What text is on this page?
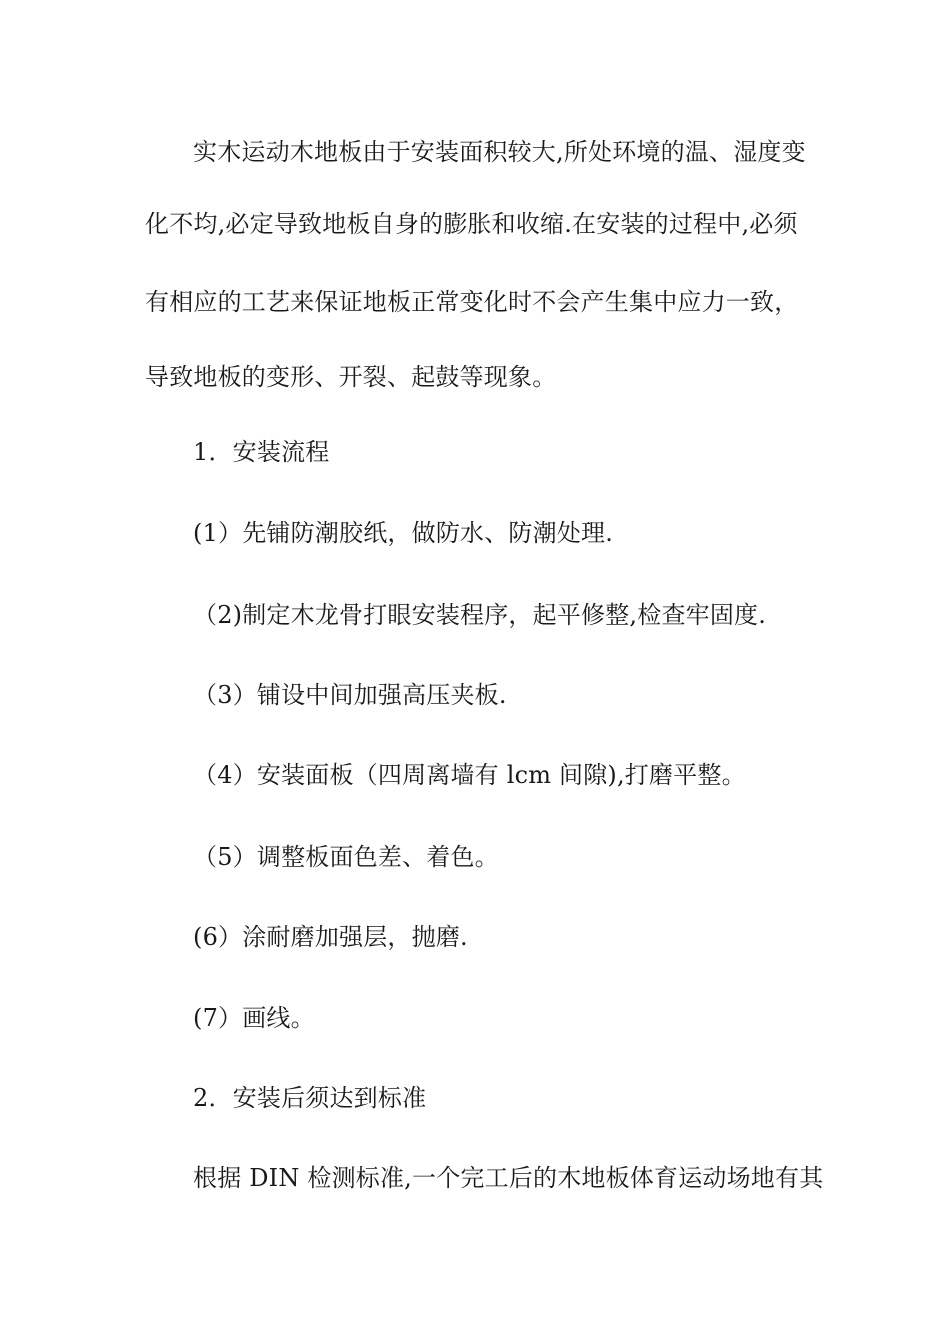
实木运动木地板由于安装面积较大,所处环境的温、湿度变
化不均,必定导致地板自身的膨胀和收缩.在安装的过程中,必须
有相应的工艺来保证地板正常变化时不会产生集中应力一致，
导致地板的变形、开裂、起鼓等现象。
1．安装流程
(1）先铺防潮胶纸，做防水、防潮处理.
（2)制定木龙骨打眼安装程序，起平修整,检查牢固度.
（3）铺设中间加强高压夹板.
（4）安装面板（四周离墙有 lcm 间隙),打磨平整。
（5）调整板面色差、着色。
(6）涂耐磨加强层，抛磨.
(7）画线。
2．安装后须达到标准
根据 DIN 检测标准,一个完工后的木地板体育运动场地有其
